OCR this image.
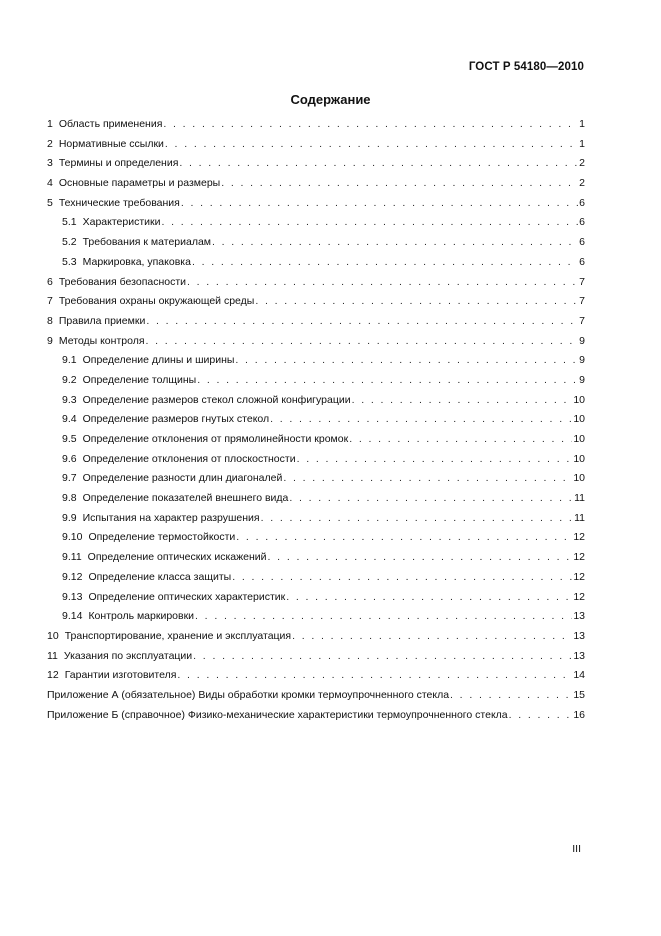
ГОСТ Р 54180—2010
Содержание
1 Область применения . . .	1
2 Нормативные ссылки . . .	1
3 Термины и определения . . .	2
4 Основные параметры и размеры . . .	2
5 Технические требования . . .	6
5.1 Характеристики . . .	6
5.2 Требования к материалам . . .	6
5.3 Маркировка, упаковка . . .	6
6 Требования безопасности . . .	7
7 Требования охраны окружающей среды . . .	7
8 Правила приемки . . .	7
9 Методы контроля . . .	9
9.1 Определение длины и ширины . . .	9
9.2 Определение толщины . . .	9
9.3 Определение размеров стекол сложной конфигурации . . .	10
9.4 Определение размеров гнутых стекол . . .	10
9.5 Определение отклонения от прямолинейности кромок . . .	10
9.6 Определение отклонения от плоскостности . . .	10
9.7 Определение разности длин диагоналей . . .	10
9.8 Определение показателей внешнего вида . . .	11
9.9 Испытания на характер разрушения . . .	11
9.10 Определение термостойкости . . .	12
9.11 Определение оптических искажений . . .	12
9.12 Определение класса защиты . . .	12
9.13 Определение оптических характеристик . . .	12
9.14 Контроль маркировки . . .	13
10 Транспортирование, хранение и эксплуатация . . .	13
11 Указания по эксплуатации . . .	13
12 Гарантии изготовителя . . .	14
Приложение А (обязательное) Виды обработки кромки термоупрочненного стекла . . .	15
Приложение Б (справочное) Физико-механические характеристики термоупрочненного стекла . . .	16
III
